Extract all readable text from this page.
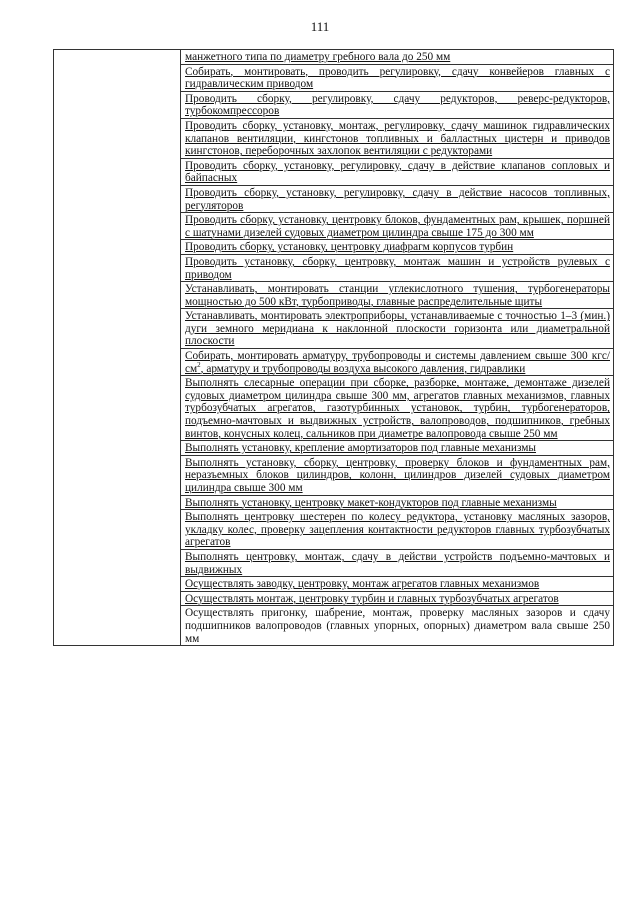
111

манжетного типа по диаметру гребного вала до 250 мм

Собирать, монтировать, проводить регулировку, сдачу конвейеров главных с гидравлическим приводом

Проводить сборку, регулировку, сдачу редукторов, реверс-редукторов, турбокомпрессоров

Проводить сборку, установку, монтаж, регулировку, сдачу машинок гидравлических клапанов вентиляции, кингстонов топливных и балластных цистерн и приводов кингстонов, переборочных захлопок вентиляции с редукторами

Проводить сборку, установку, регулировку, сдачу в действие клапанов сопловых и байпасных

Проводить сборку, установку, регулировку, сдачу в действие насосов топливных, регуляторов

Проводить сборку, установку, центровку блоков, фундаментных рам, крышек, поршней с шатунами дизелей судовых диаметром цилиндра свыше 175 до 300 мм

Проводить сборку, установку, центровку диафрагм корпусов турбин

Проводить установку, сборку, центровку, монтаж машин и устройств рулевых с приводом

Устанавливать, монтировать станции углекислотного тушения, турбогенераторы мощностью до 500 кВт, турбоприводы, главные распределительные щиты

Устанавливать, монтировать электроприборы, устанавливаемые с точностью 1–3 (мин.) дуги земного меридиана к наклонной плоскости горизонта или диаметральной плоскости

Собирать, монтировать арматуру, трубопроводы и системы давлением свыше 300 кгс/$см^2$, арматуру и трубопроводы воздуха высокого давления, гидравлики

Выполнять слесарные операции при сборке, разборке, монтаже, демонтаже дизелей судовых диаметром цилиндра свыше 300 мм, агрегатов главных механизмов, главных турбозубчатых агрегатов, газотурбинных установок, турбин, турбогенераторов, подъемно-мачтовых и выдвижных устройств, валопроводов, подшипников, гребных винтов, конусных колец, сальников при диаметре валопровода свыше 250 мм

Выполнять установку, крепление амортизаторов под главные механизмы

Выполнять установку, сборку, центровку, проверку блоков и фундаментных рам, неразъемных блоков цилиндров, колонн, цилиндров дизелей судовых диаметром цилиндра свыше 300 мм

Выполнять установку, центровку макет-кондукторов под главные механизмы

Выполнять центровку шестерен по колесу редуктора, установку масляных зазоров, укладку колес, проверку зацепления контактности редукторов главных турбозубчатых агрегатов

Выполнять центровку, монтаж, сдачу в действи устройств подъемно-мачтовых и выдвижных

Осуществлять заводку, центровку, монтаж агрегатов главных механизмов

Осуществлять монтаж, центровку турбин и главных турбозубчатых агрегатов

Осуществлять пригонку, шабрение, монтаж, проверку масляных зазоров и сдачу подшипников валопроводов (главных упорных, опорных) диаметром вала свыше 250 мм
